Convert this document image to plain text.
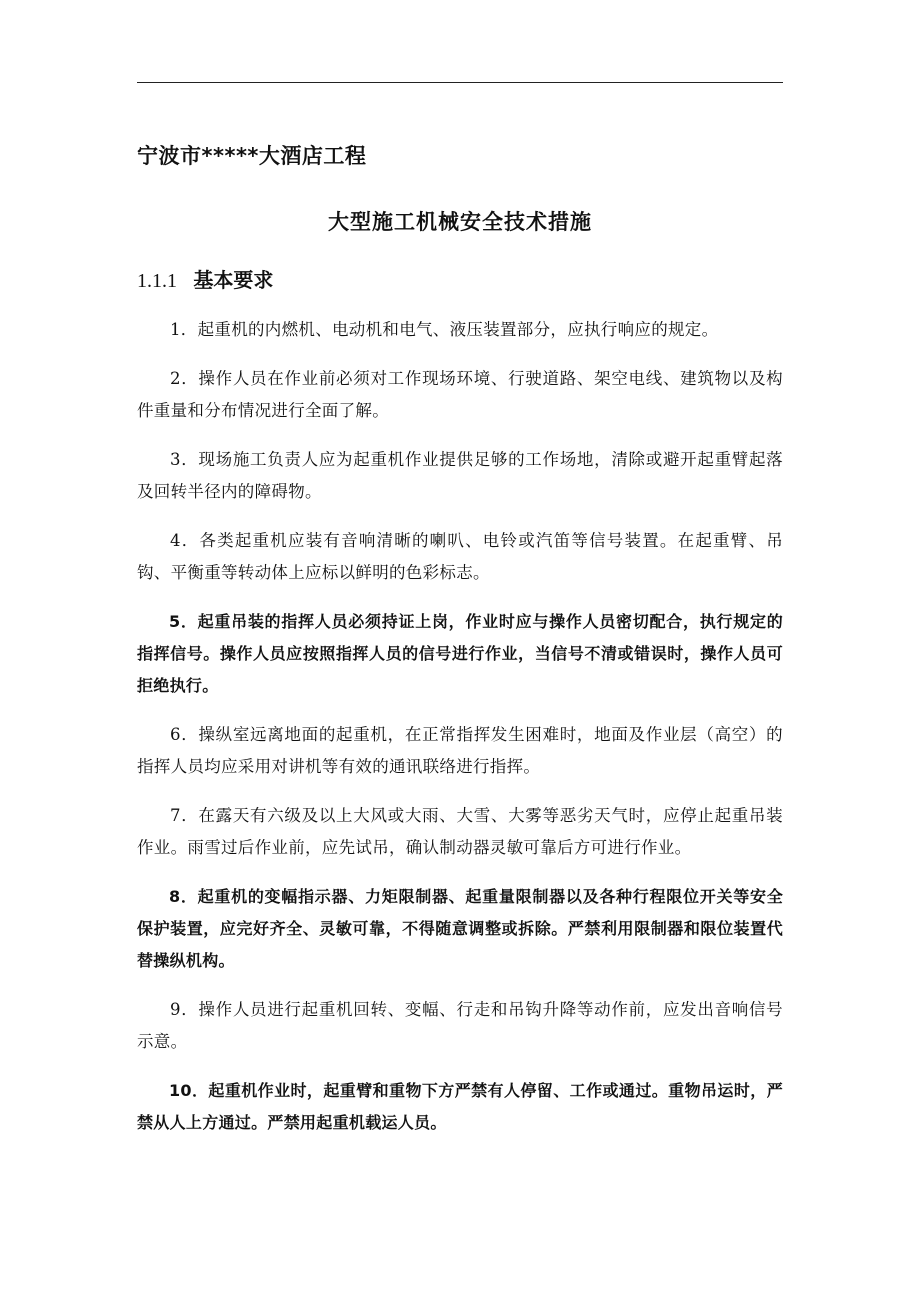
宁波市*****大酒店工程
大型施工机械安全技术措施
1.1.1 基本要求

1．起重机的内燃机、电动机和电气、液压装置部分，应执行响应的规定。

2．操作人员在作业前必须对工作现场环境、行驶道路、架空电线、建筑物以及构件重量和分布情况进行全面了解。

3．现场施工负责人应为起重机作业提供足够的工作场地，清除或避开起重臂起落及回转半径内的障碍物。

4．各类起重机应装有音响清晰的喇叭、电铃或汽笛等信号装置。在起重臂、吊钩、平衡重等转动体上应标以鲜明的色彩标志。

5．起重吊装的指挥人员必须持证上岗，作业时应与操作人员密切配合，执行规定的指挥信号。操作人员应按照指挥人员的信号进行作业，当信号不清或错误时，操作人员可拒绝执行。

6．操纵室远离地面的起重机，在正常指挥发生困难时，地面及作业层（高空）的指挥人员均应采用对讲机等有效的通讯联络进行指挥。

7．在露天有六级及以上大风或大雨、大雪、大雾等恶劣天气时，应停止起重吊装作业。雨雪过后作业前，应先试吊，确认制动器灵敏可靠后方可进行作业。

8．起重机的变幅指示器、力矩限制器、起重量限制器以及各种行程限位开关等安全保护装置，应完好齐全、灵敏可靠，不得随意调整或拆除。严禁利用限制器和限位装置代替操纵机构。

9．操作人员进行起重机回转、变幅、行走和吊钩升降等动作前，应发出音响信号示意。

10．起重机作业时，起重臂和重物下方严禁有人停留、工作或通过。重物吊运时，严禁从人上方通过。严禁用起重机载运人员。
